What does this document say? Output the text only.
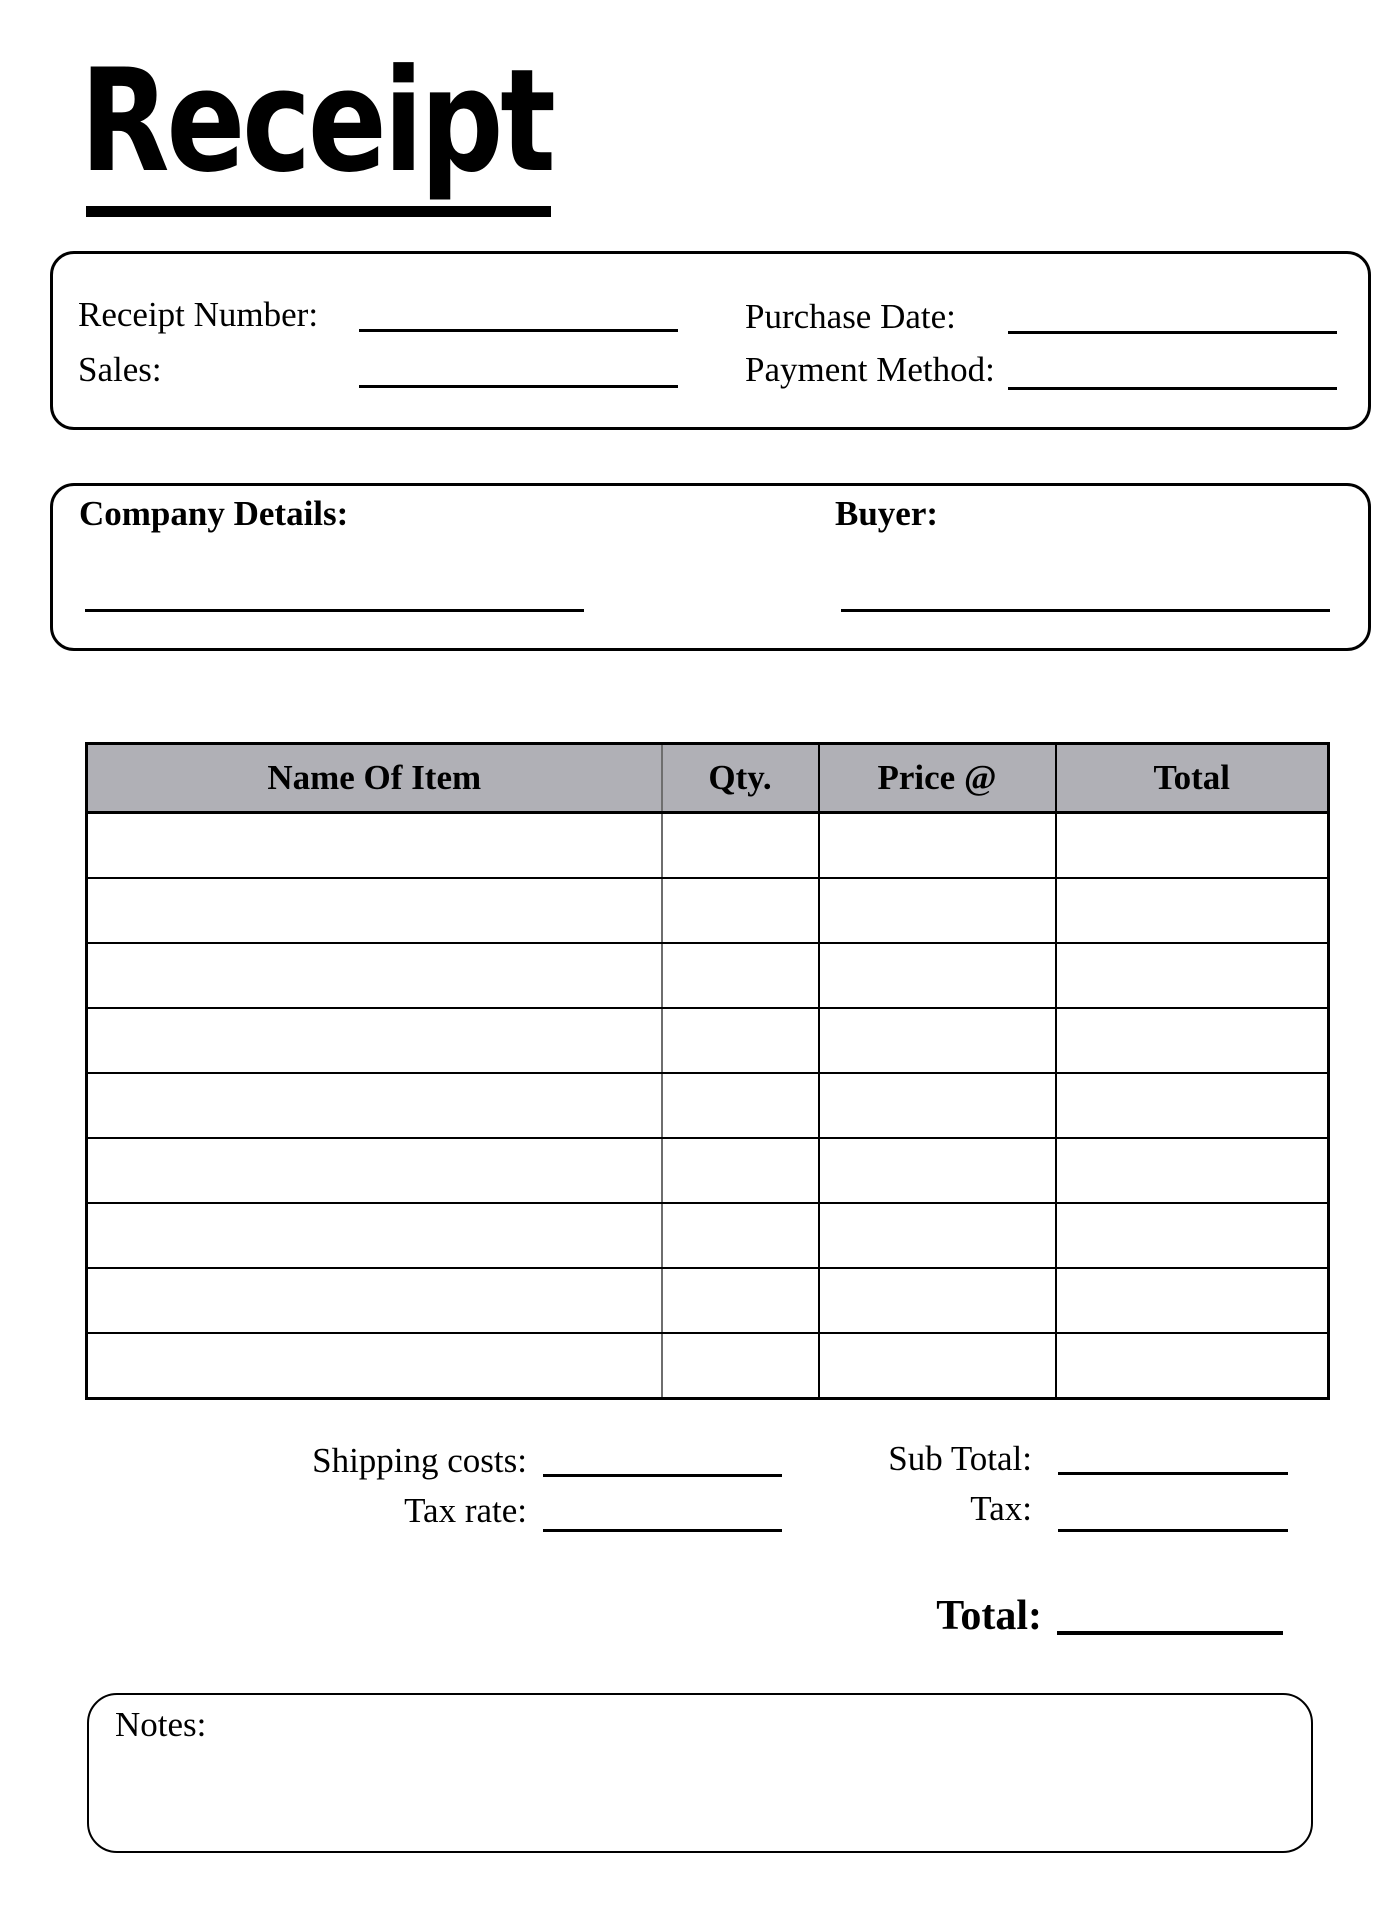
Receipt
Receipt Number:
Sales:
Purchase Date:
Payment Method:
Company Details:	Buyer:
Name Of Item	Qty.	Price @	Total

Shipping costs:
Tax rate:
Sub Total:
Tax:
Total:
Notes:
